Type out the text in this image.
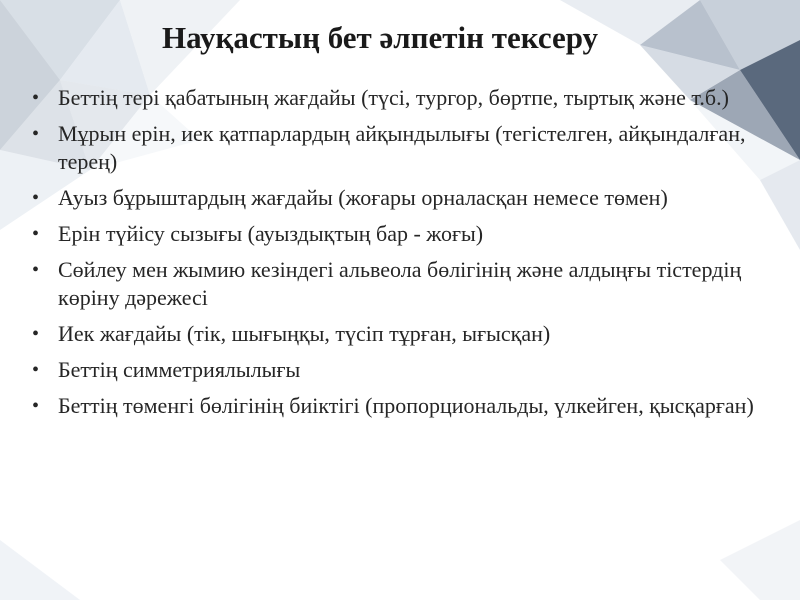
Науқастың бет әлпетін тексеру
• Беттің тері қабатының жағдайы (түсі, тургор, бөртпе, тыртық және т.б.)
• Мұрын ерін, иек қатпарлардың айқындылығы (тегістелген, айқындалған, терең)
• Ауыз бұрыштардың жағдайы (жоғары орналасқан немесе төмен)
• Ерін түйісу сызығы (ауыздықтың бар - жоғы)
• Сөйлеу мен жымию кезіндегі альвеола бөлігінің және алдыңғы тістердің көріну дәрежесі
• Иек жағдайы (тік, шығыңқы, түсіп тұрған, ығысқан)
• Беттің симметриялылығы
• Беттің төменгі бөлігінің биіктігі (пропорциональды, үлкейген, қысқарған)
